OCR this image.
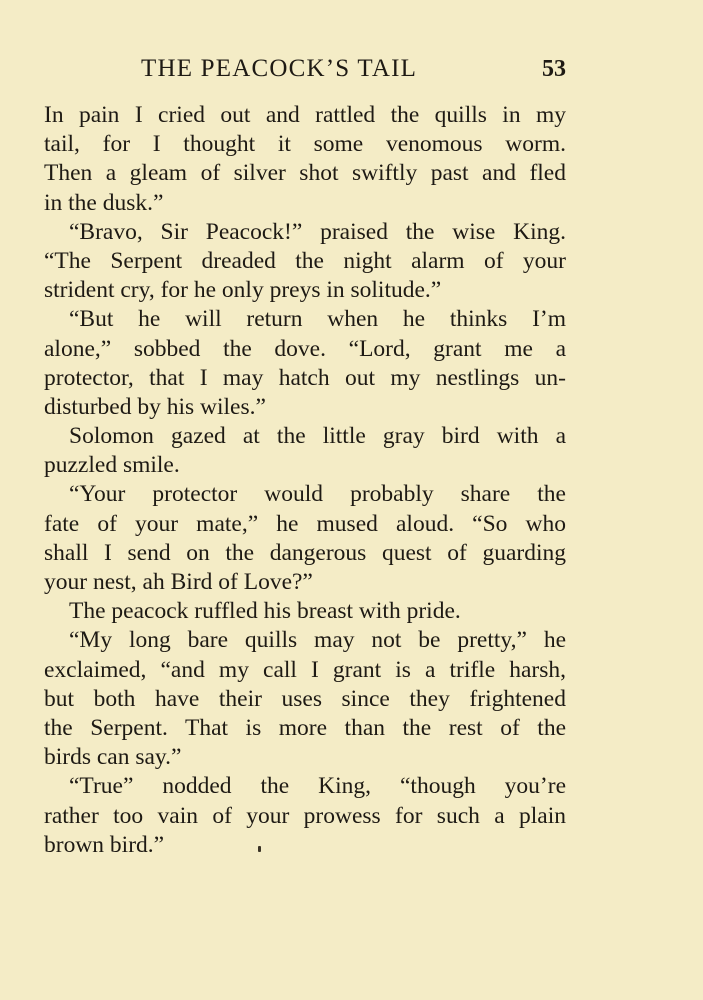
THE PEACOCK’S TAIL	53
In pain I cried out and rattled the quills in my
tail, for I thought it some venomous worm.
Then a gleam of silver shot swiftly past and fled
in the dusk.”
“Bravo, Sir Peacock!” praised the wise King.
“The Serpent dreaded the night alarm of your
strident cry, for he only preys in solitude.”
“But he will return when he thinks I’m
alone,” sobbed the dove. “Lord, grant me a
protector, that I may hatch out my nestlings un-
disturbed by his wiles.”
Solomon gazed at the little gray bird with a
puzzled smile.
“Your protector would probably share the
fate of your mate,” he mused aloud. “So who
shall I send on the dangerous quest of guarding
your nest, ah Bird of Love?”
The peacock ruffled his breast with pride.
“My long bare quills may not be pretty,” he
exclaimed, “and my call I grant is a trifle harsh,
but both have their uses since they frightened
the Serpent. That is more than the rest of the
birds can say.”
“True” nodded the King, “though you’re
rather too vain of your prowess for such a plain
brown bird.”
